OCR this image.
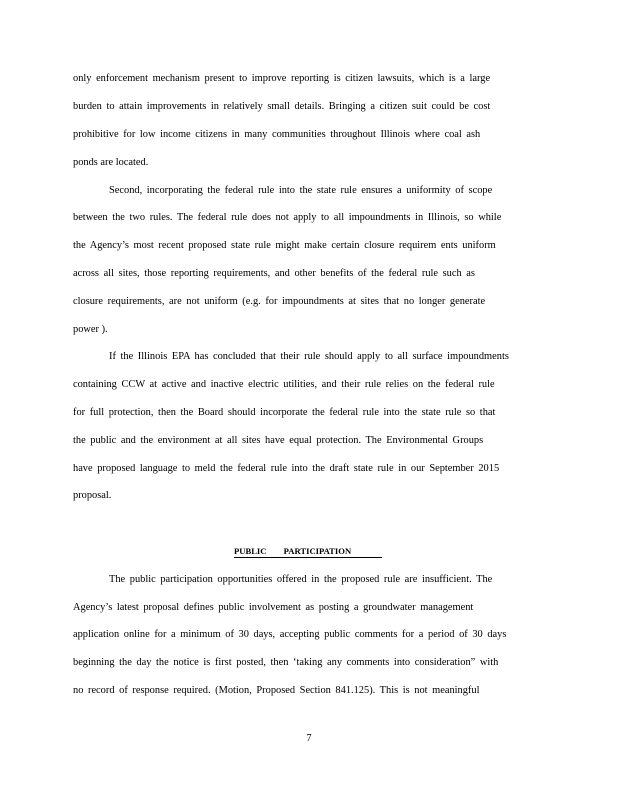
only enforcement mechanism present to improve reporting is citizen lawsuits, which is a large
burden to attain improvements in relatively small details. Bringing a citizen suit could be cost
prohibitive for low income citizens in many communities throughout Illinois where coal ash
ponds are located.
Second, incorporating the federal rule into the state rule ensures a uniformity of scope
between the two rules. The federal rule does not apply to all impoundments in Illinois, so while
the Agency’s most recent proposed state rule might make certain closure requirem ents uniform
across all sites, those reporting requirements, and other benefits of the federal rule such as
closure requirements, are not uniform (e.g. for impoundments at sites that no longer generate
power ).
If the Illinois EPA has concluded that their rule should apply to all surface impoundments
containing CCW at active and inactive electric utilities, and their rule relies on the federal rule
for full protection, then the Board should incorporate the federal rule into the state rule so that
the public and the environment at all sites have equal protection. The Environmental Groups
have proposed language to meld the federal rule into the draft state rule in our September 2015
proposal.
PUBLIC        PARTICIPATION
The public participation opportunities offered in the proposed rule are insufficient. The
Agency’s latest proposal defines public involvement as posting a groundwater management
application online for a minimum of 30 days, accepting public comments for a period of 30 days
beginning the day the notice is first posted, then ‘taking any comments into consideration” with
no record of response required. (Motion, Proposed Section 841.125). This is not meaningful
7
